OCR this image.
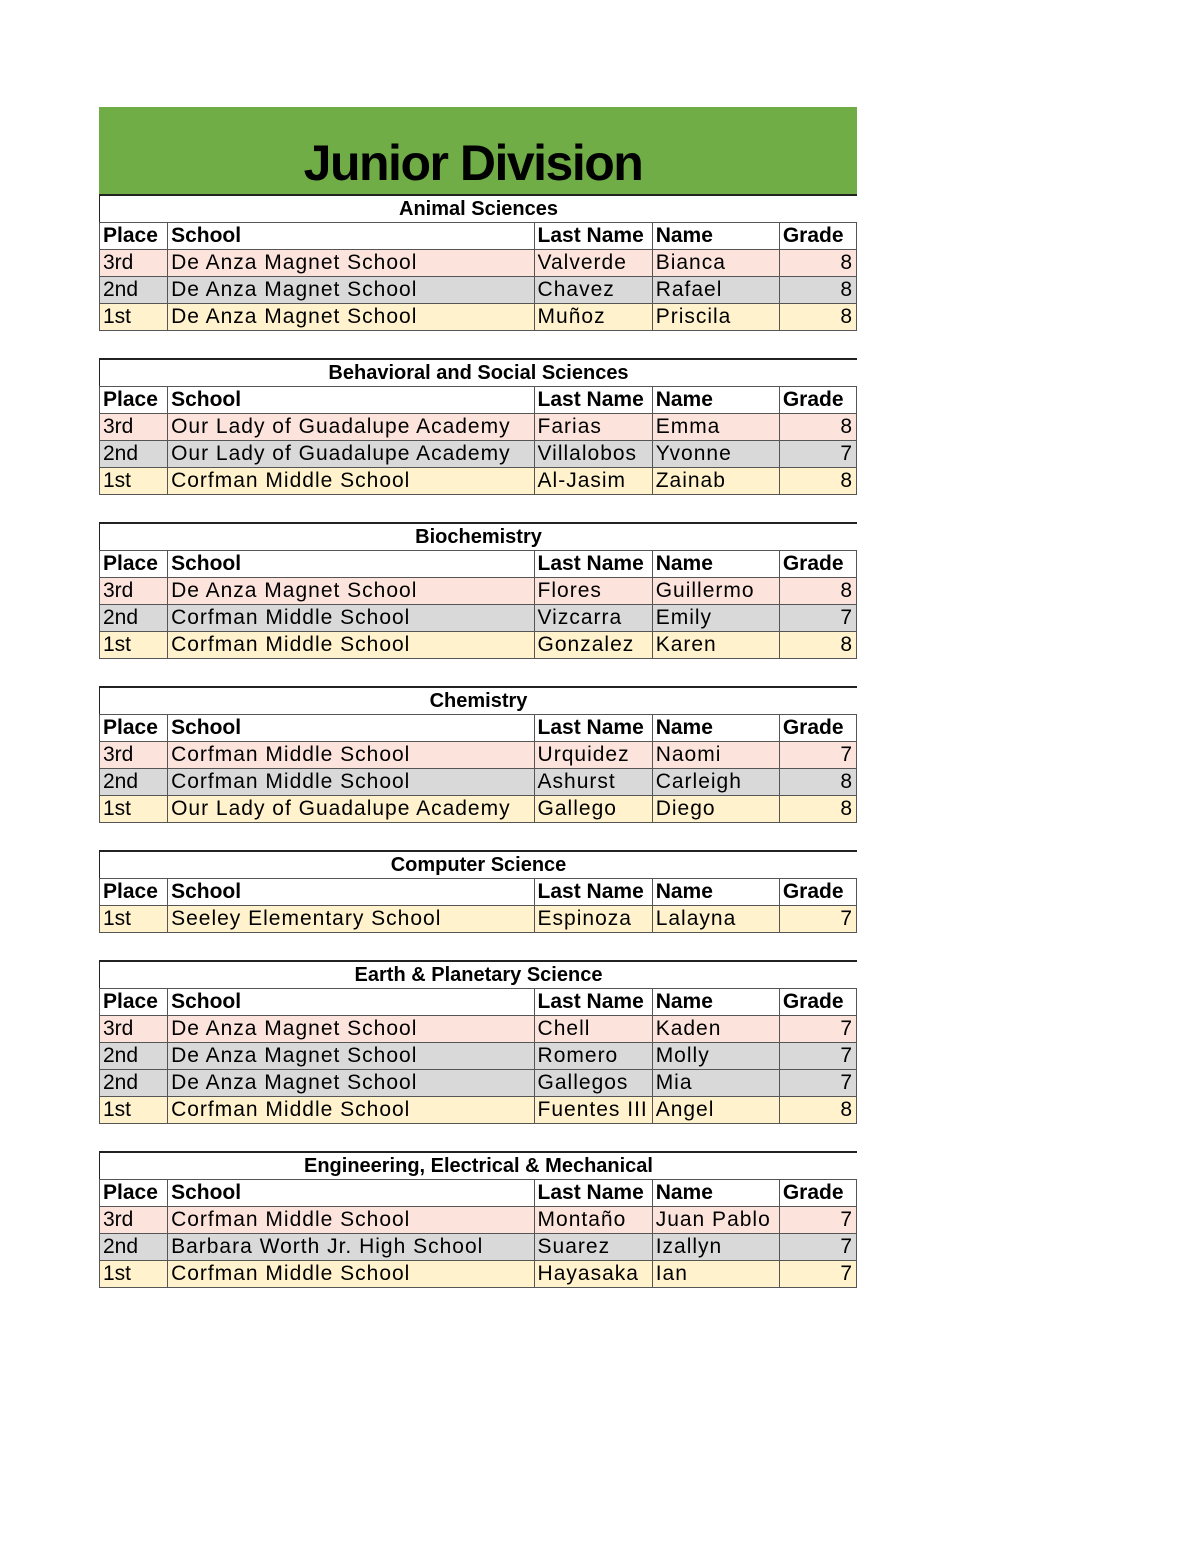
Junior Division
Animal Sciences
Place	School	Last Name	Name	Grade
3rd	De Anza Magnet School	Valverde	Bianca	8
2nd	De Anza Magnet School	Chavez	Rafael	8
1st	De Anza Magnet School	Muñoz	Priscila	8
Behavioral and Social Sciences
Place	School	Last Name	Name	Grade
3rd	Our Lady of Guadalupe Academy	Farias	Emma	8
2nd	Our Lady of Guadalupe Academy	Villalobos	Yvonne	7
1st	Corfman Middle School	Al-Jasim	Zainab	8
Biochemistry
Place	School	Last Name	Name	Grade
3rd	De Anza Magnet School	Flores	Guillermo	8
2nd	Corfman Middle School	Vizcarra	Emily	7
1st	Corfman Middle School	Gonzalez	Karen	8
Chemistry
Place	School	Last Name	Name	Grade
3rd	Corfman Middle School	Urquidez	Naomi	7
2nd	Corfman Middle School	Ashurst	Carleigh	8
1st	Our Lady of Guadalupe Academy	Gallego	Diego	8
Computer Science
Place	School	Last Name	Name	Grade
1st	Seeley Elementary School	Espinoza	Lalayna	7
Earth & Planetary Science
Place	School	Last Name	Name	Grade
3rd	De Anza Magnet School	Chell	Kaden	7
2nd	De Anza Magnet School	Romero	Molly	7
2nd	De Anza Magnet School	Gallegos	Mia	7
1st	Corfman Middle School	Fuentes III	Angel	8
Engineering, Electrical & Mechanical
Place	School	Last Name	Name	Grade
3rd	Corfman Middle School	Montaño	Juan Pablo	7
2nd	Barbara Worth Jr. High School	Suarez	Izallyn	7
1st	Corfman Middle School	Hayasaka	Ian	7
